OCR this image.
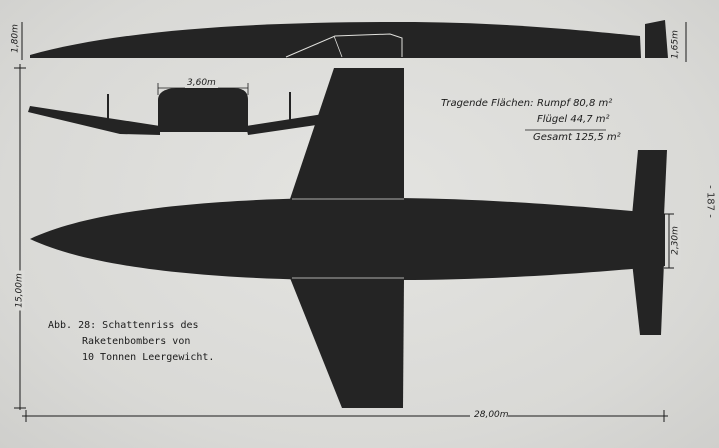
1,80m	1,65m
3,60m
2,30m
15,00m
28,00m
Tragende Flächen: Rumpf 80,8 m²
Flügel 44,7 m²
Gesamt 125,5 m²
Abb. 28: Schattenriss des
Raketenbombers von
10 Tonnen Leergewicht.
- 187 -
